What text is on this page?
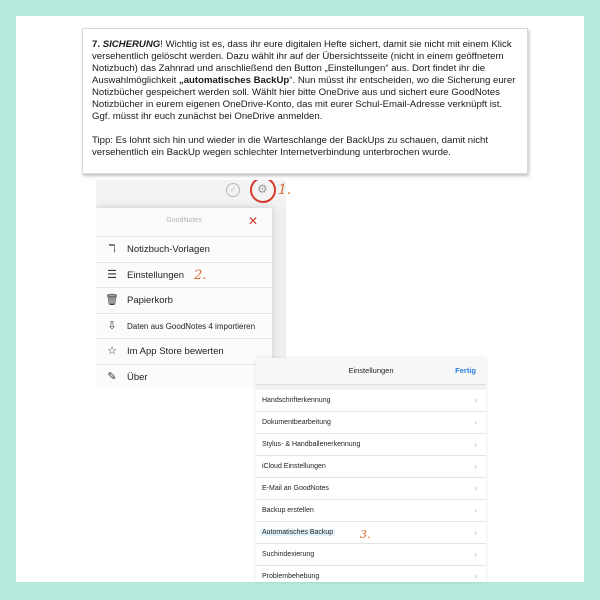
7. SICHERUNG! Wichtig ist es, dass ihr eure digitalen Hefte sichert, damit sie nicht mit einem Klick versehentlich gelöscht werden. Dazu wählt ihr auf der Übersichtsseite (nicht in einem geöffnetem Notizbuch) das Zahnrad und anschließend den Button „Einstellungen“ aus. Dort findet ihr die Auswahlmöglichkeit „automatisches BackUp“. Nun müsst ihr entscheiden, wo die Sicherung eurer Notizbücher gespeichert werden soll. Wählt hier bitte OneDrive aus und sichert eure GoodNotes Notizbücher in eurem eigenen OneDrive-Konto, das mit eurer Schul-Email-Adresse verknüpft ist. Ggf. müsst ihr euch zunächst bei OneDrive anmelden.

Tipp: Es lohnt sich hin und wieder in die Warteschlange der BackUps zu schauen, damit nicht versehentlich ein BackUp wegen schlechter Internetverbindung unterbrochen wurde.

✓	⚙
GoodNotes	✕
ℸ	Notizbuch-Vorlagen
☰ Einstellungen
🗑 Papierkorb
⇩ Daten aus GoodNotes 4 importieren
☆ Im App Store bewerten
✎ Über
1.
2.
Einstellungen	Fertig
Handschrifterkennung	›
Dokumentbearbeitung	›
Stylus- & Handballenerkennung	›
iCloud Einstellungen	›
E-Mail an GoodNotes	›
Backup erstellen	›
Automatisches Backup	›
Suchindexierung	›
Problembehebung	›
3.
